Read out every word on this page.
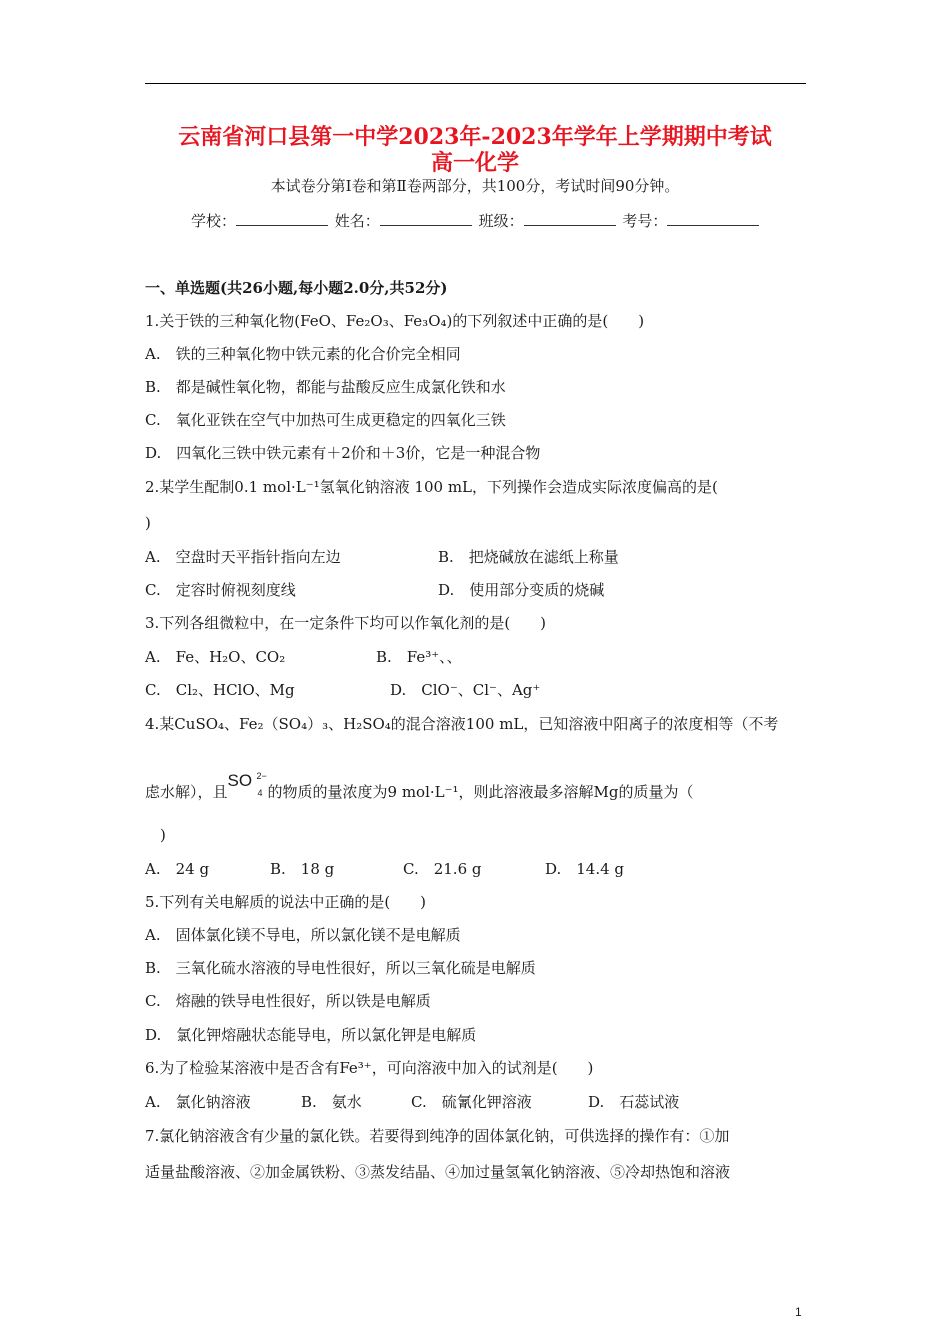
云南省河口县第一中学2023年-2023年学年上学期期中考试
高一化学
本试卷分第Ⅰ卷和第Ⅱ卷两部分，共100分，考试时间90分钟。
学校：	姓名：	班级：	考号：
一、单选题(共26小题,每小题2.0分,共52分)
1.关于铁的三种氧化物(FeO、Fe₂O₃、Fe₃O₄)的下列叙述中正确的是(　　)
A.　铁的三种氧化物中铁元素的化合价完全相同
B.　都是碱性氧化物，都能与盐酸反应生成氯化铁和水
C.　氧化亚铁在空气中加热可生成更稳定的四氧化三铁
D.　四氧化三铁中铁元素有＋2价和＋3价，它是一种混合物
2.某学生配制0.1 mol·L⁻¹氢氧化钠溶液 100 mL，下列操作会造成实际浓度偏高的是(
)
A.　空盘时天平指针指向左边	B.　把烧碱放在滤纸上称量
C.　定容时俯视刻度线	D.　使用部分变质的烧碱
3.下列各组微粒中，在一定条件下均可以作氧化剂的是(　　)
A.　Fe、H₂O、CO₂	B.　Fe³⁺、、
C.　Cl₂、HClO、Mg	D.　ClO⁻、Cl⁻、Ag⁺
4.某CuSO₄、Fe₂（SO₄）₃、H₂SO₄的混合溶液100 mL，已知溶液中阳离子的浓度相等（不考
虑水解），且
SO 2−
4 的物质的量浓度为9 mol·L⁻¹，则此溶液最多溶解Mg的质量为（
)
A.　24 g	B.　18 g	C.　21.6 g	D.　14.4 g
5.下列有关电解质的说法中正确的是(　　)
A.　固体氯化镁不导电，所以氯化镁不是电解质
B.　三氧化硫水溶液的导电性很好，所以三氧化硫是电解质
C.　熔融的铁导电性很好，所以铁是电解质
D.　氯化钾熔融状态能导电，所以氯化钾是电解质
6.为了检验某溶液中是否含有Fe³⁺，可向溶液中加入的试剂是(　　)
A.　氯化钠溶液	B.　氨水	C.　硫氰化钾溶液	D.　石蕊试液
7.氯化钠溶液含有少量的氯化铁。若要得到纯净的固体氯化钠，可供选择的操作有：①加
适量盐酸溶液、②加金属铁粉、③蒸发结晶、④加过量氢氧化钠溶液、⑤冷却热饱和溶液
1
